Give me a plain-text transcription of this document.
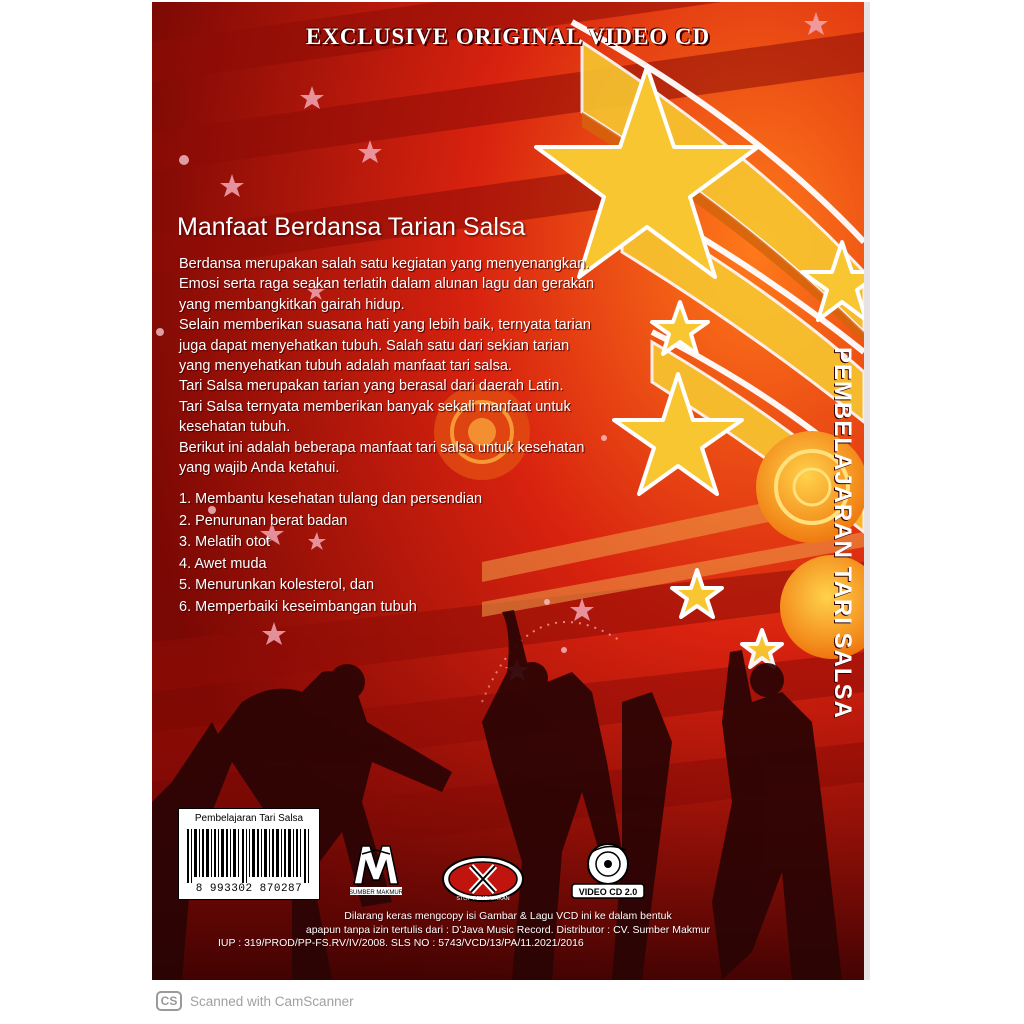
EXCLUSIVE ORIGINAL VIDEO CD
PEMBELAJARAN TARI SALSA
Manfaat Berdansa Tarian Salsa
Berdansa merupakan salah satu kegiatan yang menyenangkan.
Emosi serta raga seakan terlatih dalam alunan lagu dan gerakan
yang membangkitkan gairah hidup.
Selain memberikan suasana hati yang lebih baik, ternyata tarian
juga dapat menyehatkan tubuh. Salah satu dari sekian tarian
yang menyehatkan tubuh adalah manfaat tari salsa.
Tari Salsa merupakan tarian yang berasal dari daerah Latin.
Tari Salsa ternyata memberikan banyak sekali manfaat untuk
kesehatan tubuh.
Berikut ini adalah beberapa manfaat tari salsa untuk kesehatan
yang wajib Anda ketahui.
1. Membantu kesehatan tulang dan persendian
2. Penurunan berat badan
3. Melatih otot
4. Awet muda
5. Menurunkan kolesterol, dan
6. Memperbaiki keseimbangan tubuh
Pembelajaran Tari Salsa
8 993302 870287	SUMBER MAKMUR
STOP PEMBAJAKAN
VIDEO CD 2.0
Dilarang keras mengcopy isi Gambar & Lagu VCD ini ke dalam bentuk
apapun tanpa izin tertulis dari : D'Java Music Record. Distributor : CV. Sumber Makmur
IUP : 319/PROD/PP-FS.RV/IV/2008. SLS NO : 5743/VCD/13/PA/11.2021/2016
CS Scanned with CamScanner
